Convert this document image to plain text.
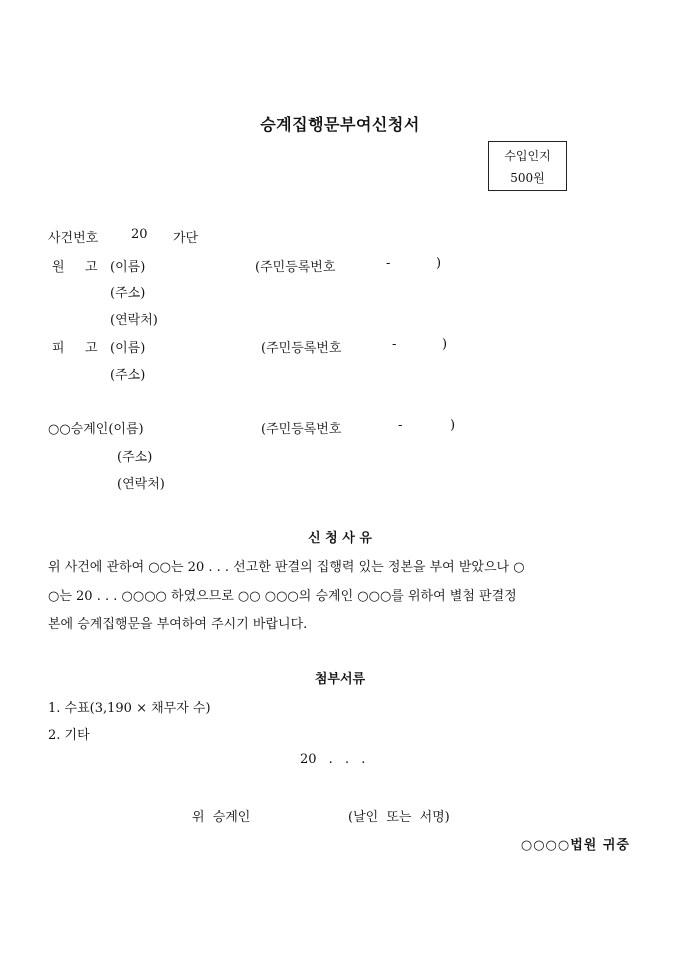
승계집행문부여신청서
수입인지
500원
사건번호	20 가단
원 고 (이름)	(주민등록번호	-	)
(주소)
(연락처)
피 고 (이름)	(주민등록번호	-	)
(주소)
○○승계인(이름)	(주민등록번호	-	)
(주소)
(연락처)
신 청 사 유
위 사건에 관하여 ○○는 20 . . . 선고한 판결의 집행력 있는 정본을 부여 받았으나 ○
○는 20 . . . ○○○○ 하였으므로 ○○ ○○○의 승계인 ○○○를 위하여 별첨 판결정
본에 승계집행문을 부여하여 주시기 바랍니다.
첨부서류
1. 수표(3,190 × 채무자 수)
2. 기타
20 . . .
위 승계인	(날인 또는 서명)
○○○○법원 귀중
